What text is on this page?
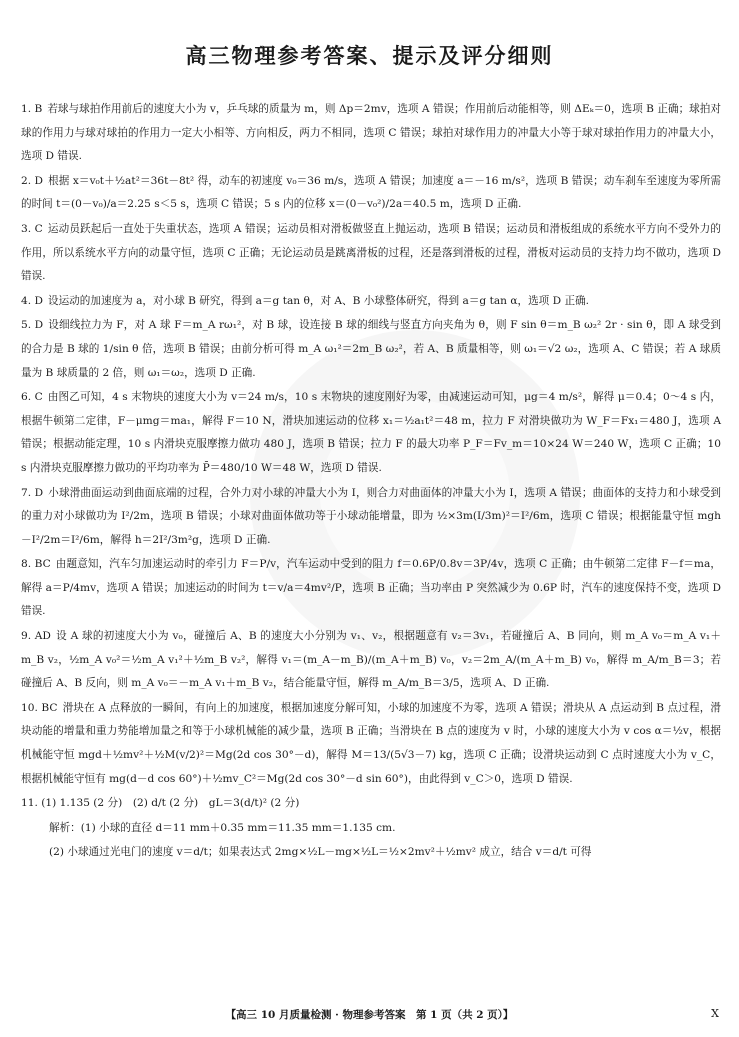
高三物理参考答案、提示及评分细则
1. B 若球与球拍作用前后的速度大小为 v，乒乓球的质量为 m，则 Δp＝2mv，选项 A 错误；作用前后动能相等，则 ΔEₖ＝0，选项 B 正确；球拍对球的作用力与球对球拍的作用力一定大小相等、方向相反，两力不相同，选项 C 错误；球拍对球作用力的冲量大小等于球对球拍作用力的冲量大小，选项 D 错误.
2. D 根据 x＝v₀t＋½at²＝36t－8t² 得，动车的初速度 v₀＝36 m/s，选项 A 错误；加速度 a＝－16 m/s²，选项 B 错误；动车刹车至速度为零所需的时间 t＝(0－v₀)/a＝2.25 s＜5 s，选项 C 错误；5 s 内的位移 x＝(0－v₀²)/2a＝40.5 m，选项 D 正确.
3. C 运动员跃起后一直处于失重状态，选项 A 错误；运动员相对滑板做竖直上抛运动，选项 B 错误；运动员和滑板组成的系统水平方向不受外力的作用，所以系统水平方向的动量守恒，选项 C 正确；无论运动员是跳离滑板的过程，还是落到滑板的过程，滑板对运动员的支持力均不做功，选项 D 错误.
4. D 设运动的加速度为 a，对小球 B 研究，得到 a＝g tan θ，对 A、B 小球整体研究，得到 a＝g tan α，选项 D 正确.
5. D 设细线拉力为 F，对 A 球 F＝m_A rω₁²，对 B 球，设连接 B 球的细线与竖直方向夹角为 θ，则 F sin θ＝m_B ω₂² 2r · sin θ，即 A 球受到的合力是 B 球的 1/sin θ 倍，选项 B 错误；由前分析可得 m_A ω₁²＝2m_B ω₂²，若 A、B 质量相等，则 ω₁＝√2 ω₂，选项 A、C 错误；若 A 球质量为 B 球质量的 2 倍，则 ω₁＝ω₂，选项 D 正确.
6. C 由图乙可知，4 s 末物块的速度大小为 v＝24 m/s，10 s 末物块的速度刚好为零，由减速运动可知，μg＝4 m/s²，解得 μ＝0.4；0～4 s 内，根据牛顿第二定律，F－μmg＝ma₁，解得 F＝10 N，滑块加速运动的位移 x₁＝½a₁t²＝48 m，拉力 F 对滑块做功为 W_F＝Fx₁＝480 J，选项 A 错误；根据动能定理，10 s 内滑块克服摩擦力做功 480 J，选项 B 错误；拉力 F 的最大功率 P_F＝Fv_m＝10×24 W＝240 W，选项 C 正确；10 s 内滑块克服摩擦力做功的平均功率为 P̄＝480/10 W＝48 W，选项 D 错误.
7. D 小球滑曲面运动到曲面底端的过程，合外力对小球的冲量大小为 I，则合力对曲面体的冲量大小为 I，选项 A 错误；曲面体的支持力和小球受到的重力对小球做功为 I²/2m，选项 B 错误；小球对曲面体做功等于小球动能增量，即为 ½×3m(I/3m)²＝I²/6m，选项 C 错误；根据能量守恒 mgh－I²/2m＝I²/6m，解得 h＝2I²/3m²g，选项 D 正确.
8. BC 由题意知，汽车匀加速运动时的牵引力 F＝P/v，汽车运动中受到的阻力 f＝0.6P/0.8v＝3P/4v，选项 C 正确；由牛顿第二定律 F－f＝ma，解得 a＝P/4mv，选项 A 错误；加速运动的时间为 t＝v/a＝4mv²/P，选项 B 正确；当功率由 P 突然减少为 0.6P 时，汽车的速度保持不变，选项 D 错误.
9. AD 设 A 球的初速度大小为 v₀，碰撞后 A、B 的速度大小分别为 v₁、v₂，根据题意有 v₂＝3v₁，若碰撞后 A、B 同向，则 m_A v₀＝m_A v₁＋m_B v₂，½m_A v₀²＝½m_A v₁²＋½m_B v₂²，解得 v₁＝(m_A－m_B)/(m_A＋m_B) v₀，v₂＝2m_A/(m_A＋m_B) v₀，解得 m_A/m_B＝3；若碰撞后 A、B 反向，则 m_A v₀＝－m_A v₁＋m_B v₂，结合能量守恒，解得 m_A/m_B＝3/5，选项 A、D 正确.
10. BC 滑块在 A 点释放的一瞬间，有向上的加速度，根据加速度分解可知，小球的加速度不为零，选项 A 错误；滑块从 A 点运动到 B 点过程，滑块动能的增量和重力势能增加量之和等于小球机械能的减少量，选项 B 正确；当滑块在 B 点的速度为 v 时，小球的速度大小为 v cos α＝½v，根据机械能守恒 mgd＋½mv²＋½M(v/2)²＝Mg(2d cos 30°－d)，解得 M＝13/(5√3－7) kg，选项 C 正确；设滑块运动到 C 点时速度大小为 v_C，根据机械能守恒有 mg(d－d cos 60°)＋½mv_C²＝Mg(2d cos 30°－d sin 60°)，由此得到 v_C＞0，选项 D 错误.
11. (1) 1.135 (2 分)　(2) d/t (2 分)　gL＝3(d/t)² (2 分)
解析：(1) 小球的直径 d＝11 mm＋0.35 mm＝11.35 mm＝1.135 cm.
(2) 小球通过光电门的速度 v＝d/t；如果表达式 2mg×½L－mg×½L＝½×2mv²＋½mv² 成立，结合 v＝d/t 可得
【高三 10 月质量检测 · 物理参考答案　第 1 页（共 2 页）】	X
